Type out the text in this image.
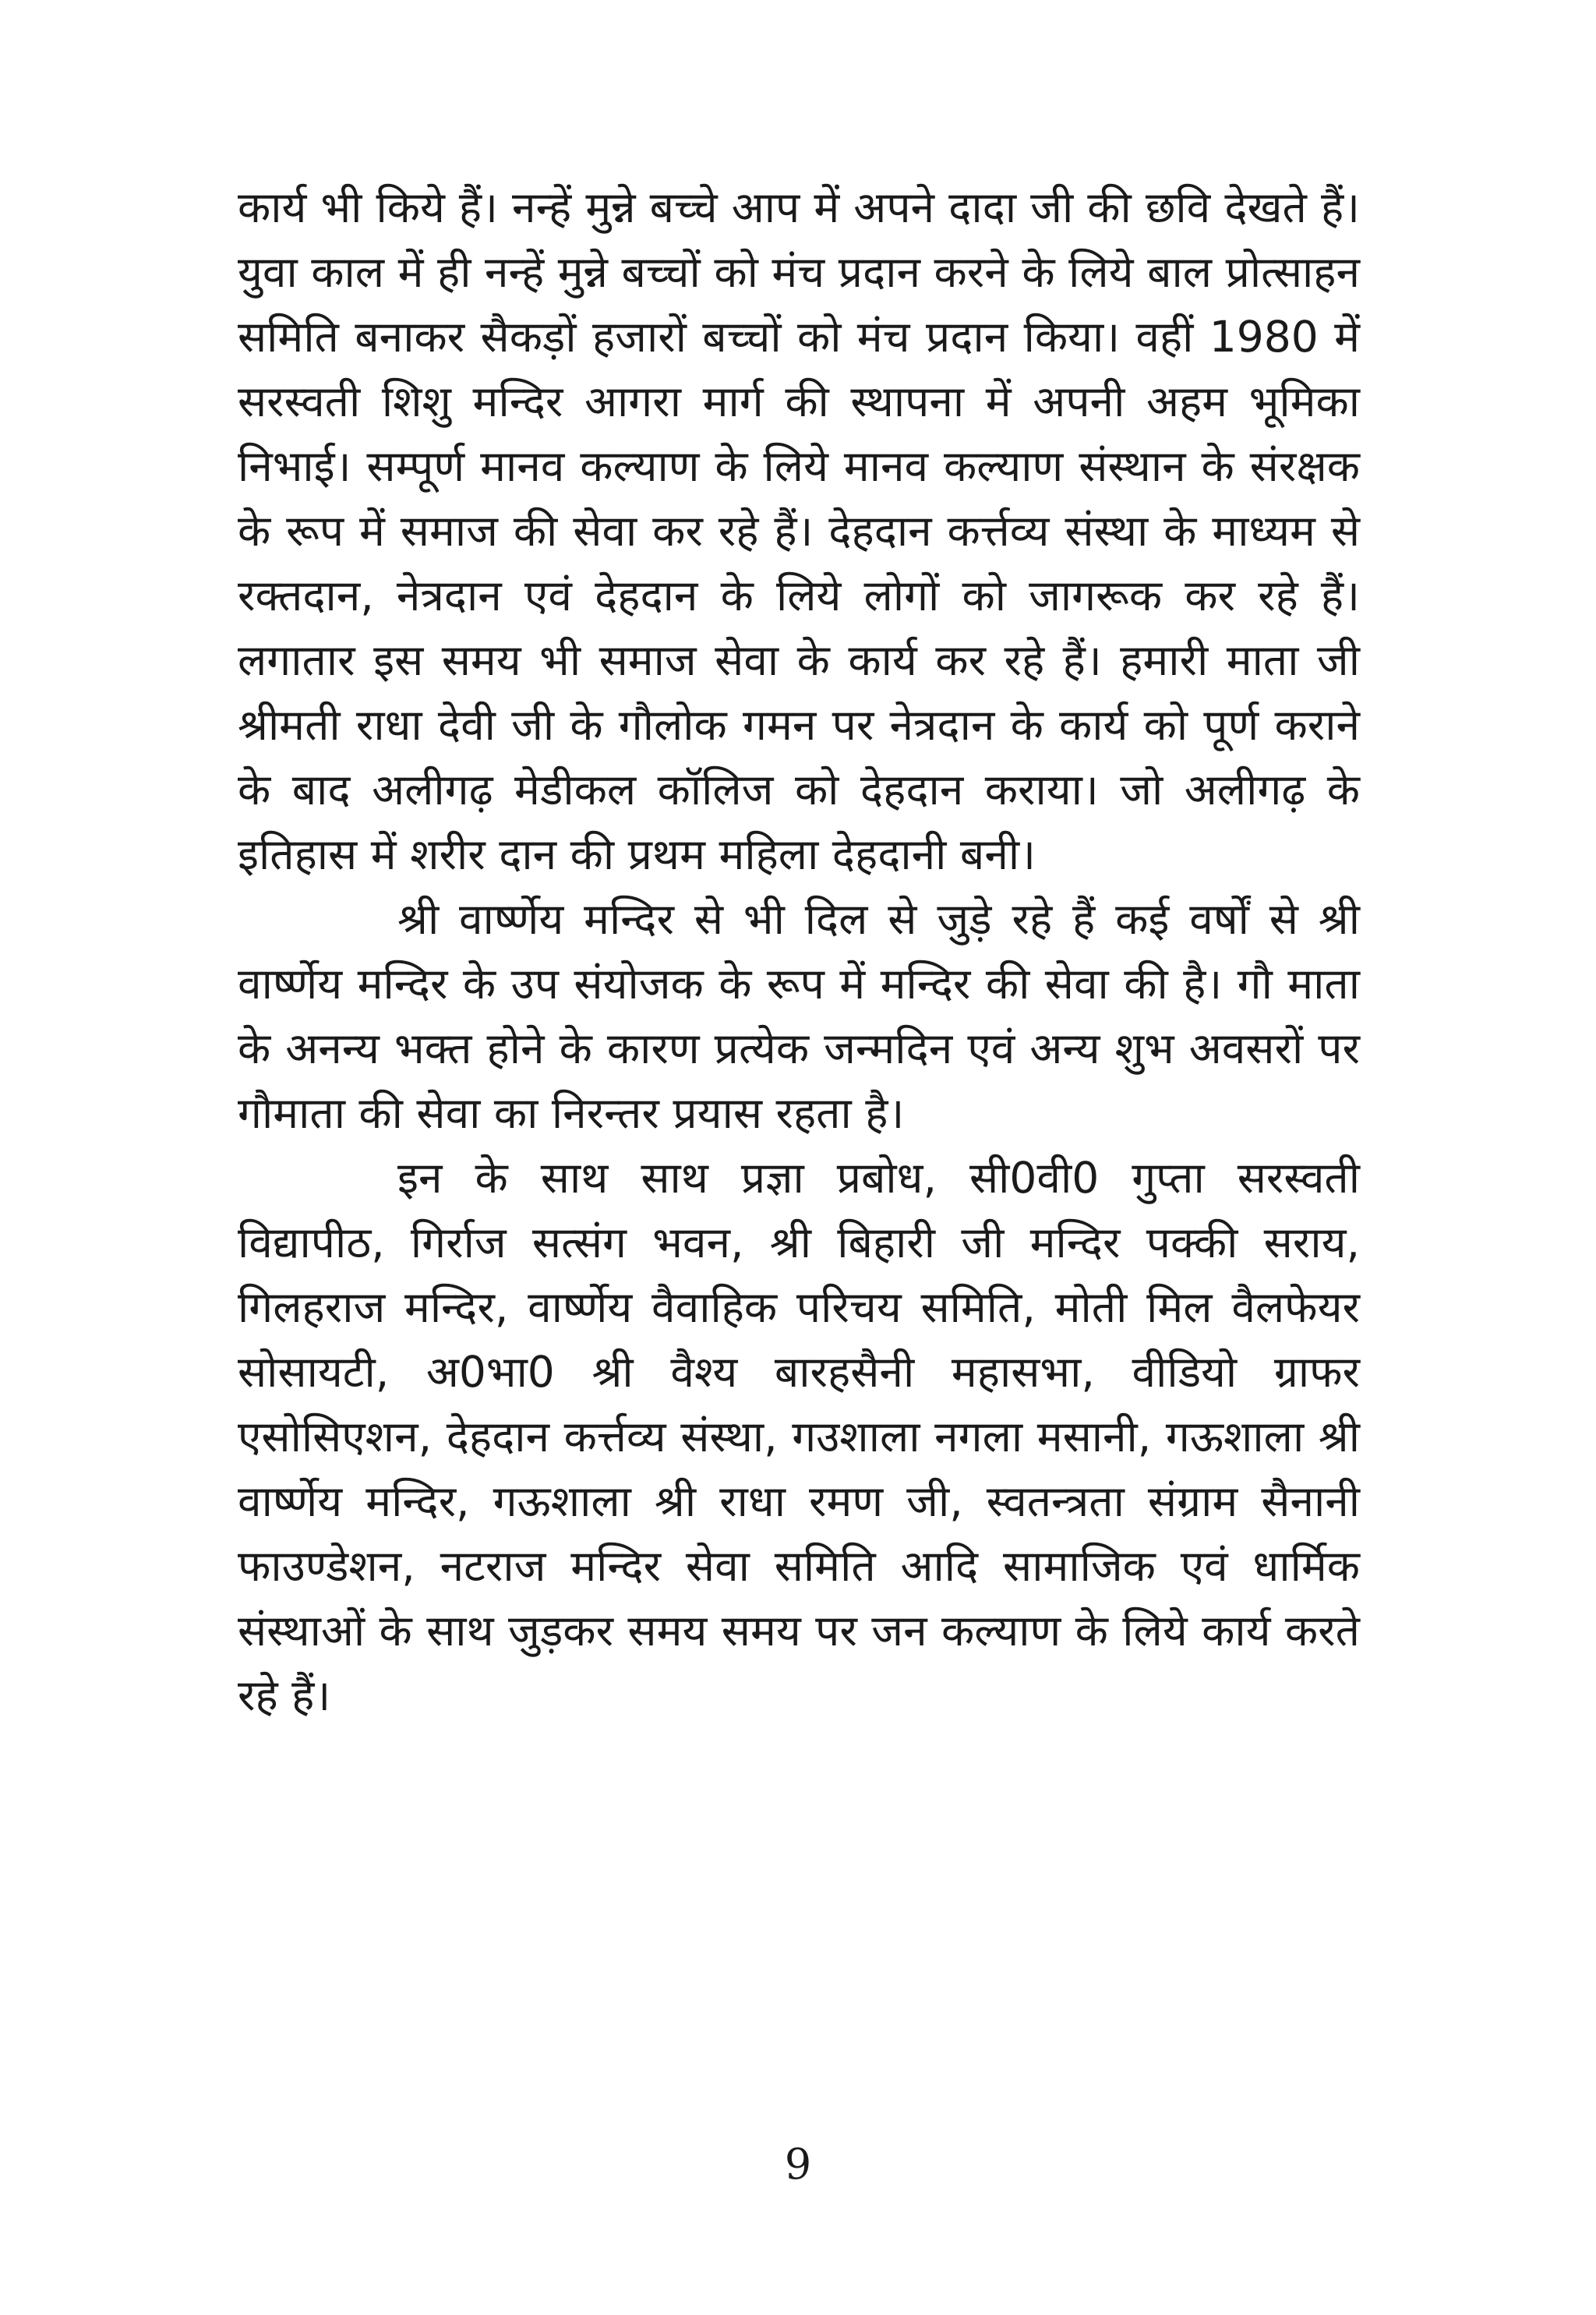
कार्य भी किये हैं। नन्हें मुन्ने बच्चे आप में अपने दादा जी की छवि देखते हैं। युवा काल में ही नन्हें मुन्ने बच्चों को मंच प्रदान करने के लिये बाल प्रोत्साहन समिति बनाकर सैकड़ों हजारों बच्चों को मंच प्रदान किया। वहीं 1980 में सरस्वती शिशु मन्दिर आगरा मार्ग की स्थापना में अपनी अहम भूमिका निभाई। सम्पूर्ण मानव कल्याण के लिये मानव कल्याण संस्थान के संरक्षक के रूप में समाज की सेवा कर रहे हैं। देहदान कर्त्तव्य संस्था के माध्यम से रक्तदान, नेत्रदान एवं देहदान के लिये लोगों को जागरूक कर रहे हैं। लगातार इस समय भी समाज सेवा के कार्य कर रहे हैं। हमारी माता जी श्रीमती राधा देवी जी के गौलोक गमन पर नेत्रदान के कार्य को पूर्ण कराने के बाद अलीगढ़ मेडीकल कॉलिज को देहदान कराया। जो अलीगढ़ के इतिहास में शरीर दान की प्रथम महिला देहदानी बनी।

श्री वार्ष्णेय मन्दिर से भी दिल से जुड़े रहे हैं कई वर्षों से श्री वार्ष्णेय मन्दिर के उप संयोजक के रूप में मन्दिर की सेवा की है। गौ माता के अनन्य भक्त होने के कारण प्रत्येक जन्मदिन एवं अन्य शुभ अवसरों पर गौमाता की सेवा का निरन्तर प्रयास रहता है।

इन के साथ साथ प्रज्ञा प्रबोध, सी0वी0 गुप्ता सरस्वती विद्यापीठ, गिर्राज सत्संग भवन, श्री बिहारी जी मन्दिर पक्की सराय, गिलहराज मन्दिर, वार्ष्णेय वैवाहिक परिचय समिति, मोती मिल वैलफेयर सोसायटी, अ0भा0 श्री वैश्य बारहसैनी महासभा, वीडियो ग्राफर एसोसिएशन, देहदान कर्त्तव्य संस्था, गउशाला नगला मसानी, गऊशाला श्री वार्ष्णेय मन्दिर, गऊशाला श्री राधा रमण जी, स्वतन्त्रता संग्राम सैनानी फाउण्डेशन, नटराज मन्दिर सेवा समिति आदि सामाजिक एवं धार्मिक संस्थाओं के साथ जुड़कर समय समय पर जन कल्याण के लिये कार्य करते रहे हैं।

9
